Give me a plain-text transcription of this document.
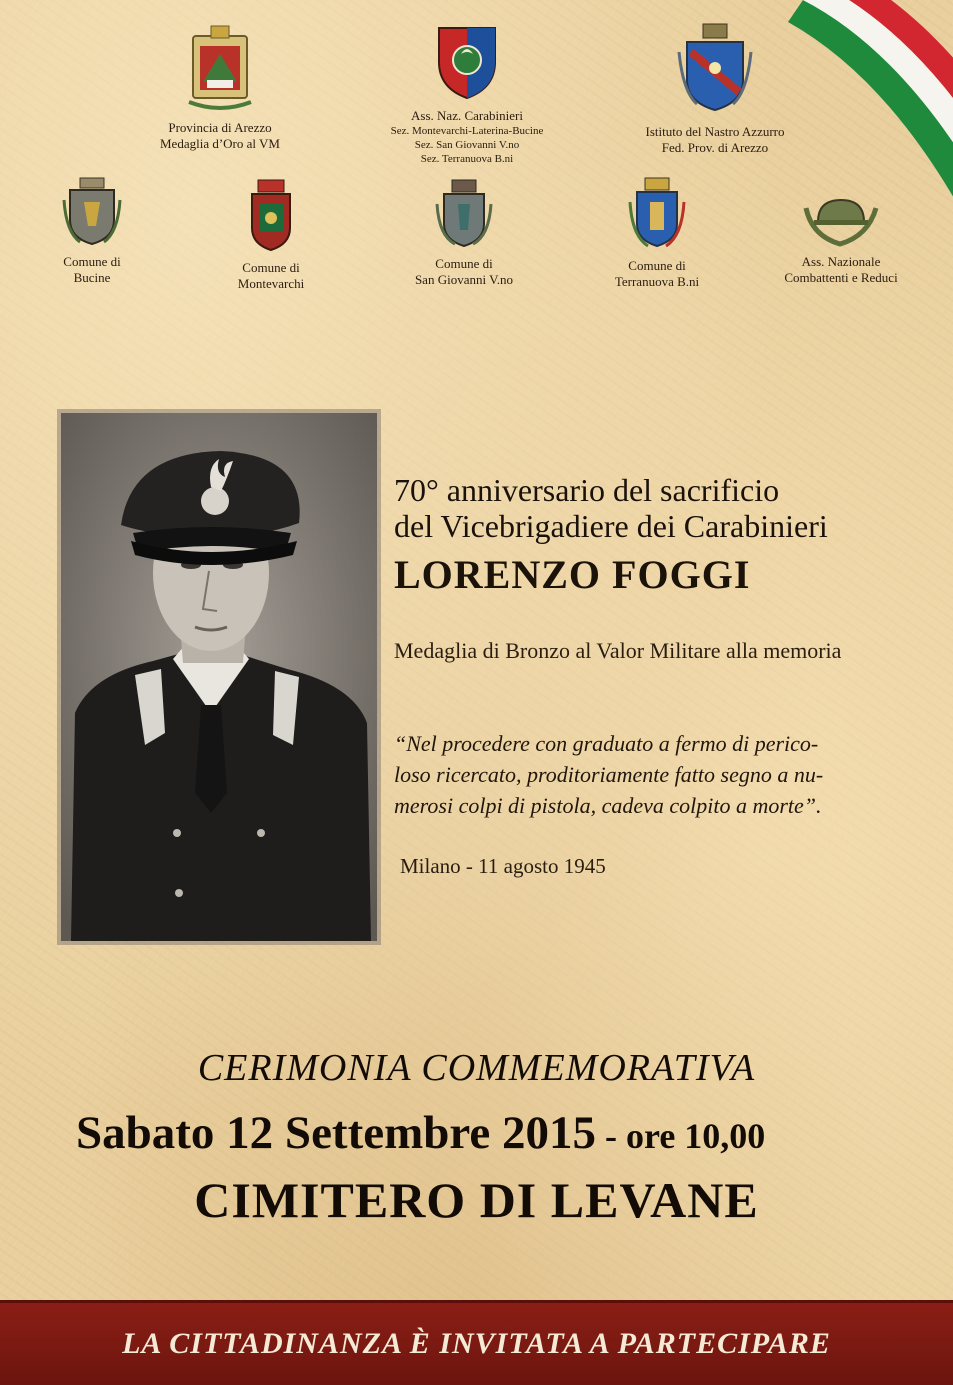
Provincia di Arezzo
Medaglia d’Oro al VM
Ass. Naz. Carabinieri
Sez. Montevarchi-Laterina-Bucine
Sez. San Giovanni V.no
Sez. Terranuova B.ni
Istituto del Nastro Azzurro
Fed. Prov. di Arezzo
Comune di
Bucine
Comune di
Montevarchi
Comune di
San Giovanni V.no
Comune di
Terranuova B.ni
Ass. Nazionale
Combattenti e Reduci
70° anniversario del sacrificio
del Vicebrigadiere dei Carabinieri
LORENZO FOGGI
Medaglia di Bronzo al Valor Militare alla memoria
“Nel procedere con graduato a fermo di perico-
loso ricercato, proditoriamente fatto segno a nu-
merosi colpi di pistola, cadeva colpito a morte”.
Milano - 11 agosto 1945
CERIMONIA COMMEMORATIVA
Sabato 12 Settembre 2015 - ore 10,00
CIMITERO DI LEVANE
LA CITTADINANZA È INVITATA A PARTECIPARE
